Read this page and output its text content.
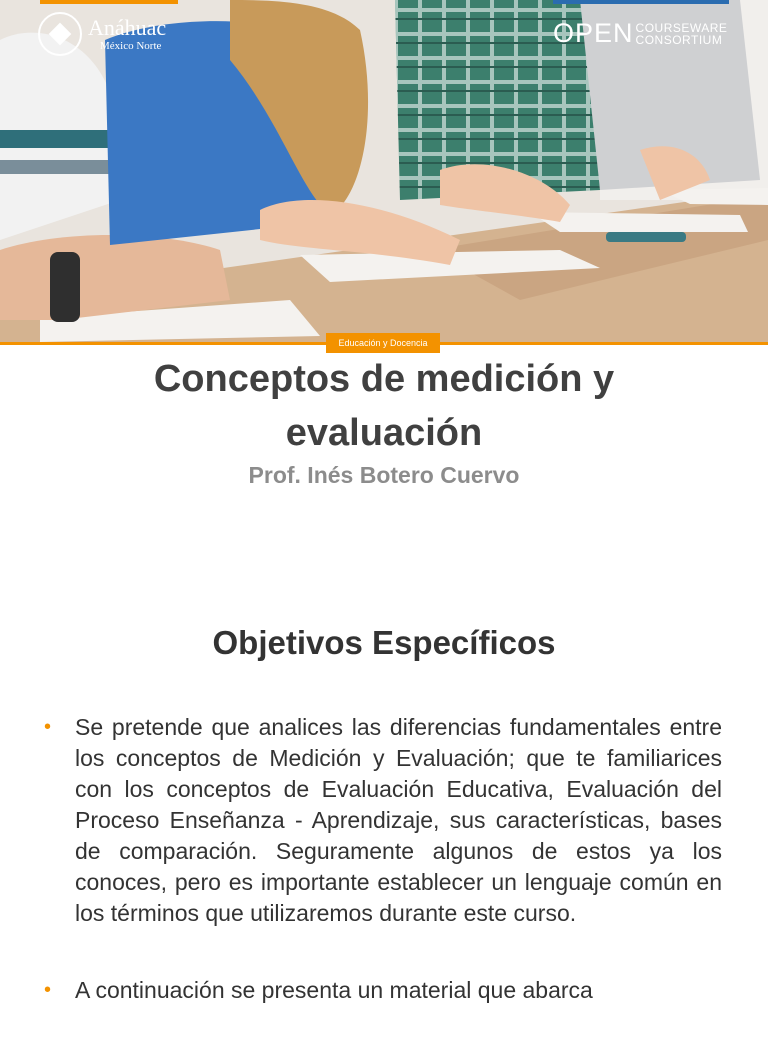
Anáhuac
México Norte	OPEN COURSEWARE
CONSORTIUM
Educación y Docencia
Conceptos de medición y
evaluación
Prof. Inés Botero Cuervo
Objetivos Específicos
• Se pretende que analices las diferencias fundamentales entre los conceptos de Medición y Evaluación; que te familiarices con los conceptos de Evaluación Educativa, Evaluación del Proceso Enseñanza - Aprendizaje, sus características, bases de comparación. Seguramente algunos de estos ya los conoces, pero es importante establecer un lenguaje común en los términos que utilizaremos durante este curso.
• A continuación se presenta un material que abarca
